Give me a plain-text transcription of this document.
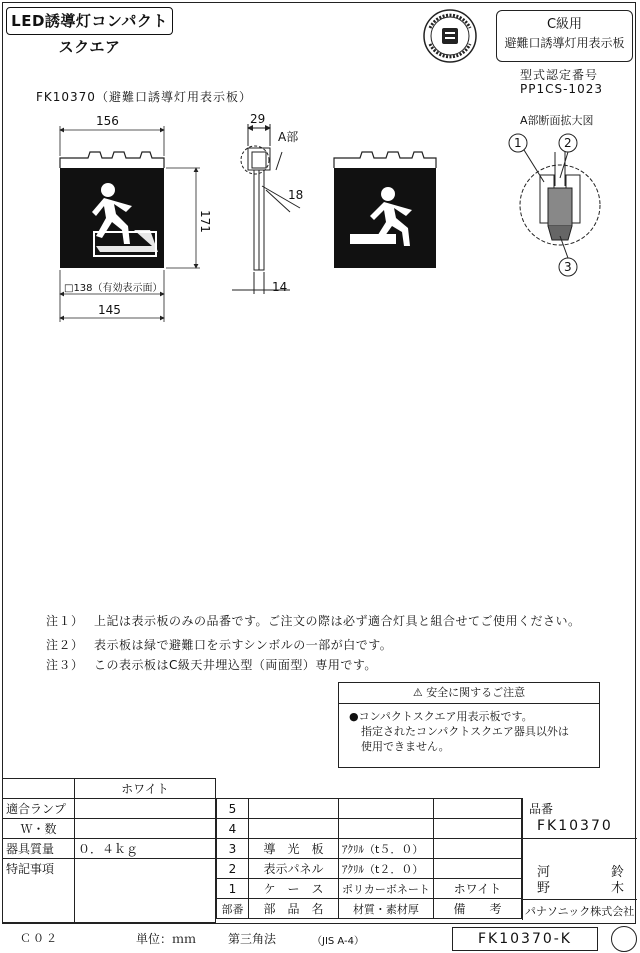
LED誘導灯コンパクトスクエア
C級用
避難口誘導灯用表示板
型式認定番号
PP1CS-1023
FK10370（避難口誘導灯用表示板）
156
171
□138（有効表示面）
145
29
A部
18
14
A部断面拡大図
1	2
3
注１） 上記は表示板のみの品番です。ご注文の際は必ず適合灯具と組合せてご使用ください。
注２） 表示板は緑で避難口を示すシンボルの一部が白です。
注３） この表示板はC級天井埋込型（両面型）専用です。
⚠ 安全に関するご注意
●コンパクトスクエア用表示板です。
指定されたコンパクトスクエア器具以外は
使用できません。
	ホワイト
適合ランプ	
Ｗ・数	
器具質量	０．４ｋｇ
特記事項	

5			
4			
3	導　光　板	ｱｸﾘﾙ（t５．０）	
2	表示パネル	ｱｸﾘﾙ（t２．０）	
1	ケ　ー　ス	ポリカーボネート	ホワイト
部番	部　品　名	材質・素材厚	備　　考
品番
FK10370
河
野
鈴
木
パナソニック株式会社
Ｃ０２	単位：ｍｍ	第三角法	（JIS A-4）	FK10370-K
